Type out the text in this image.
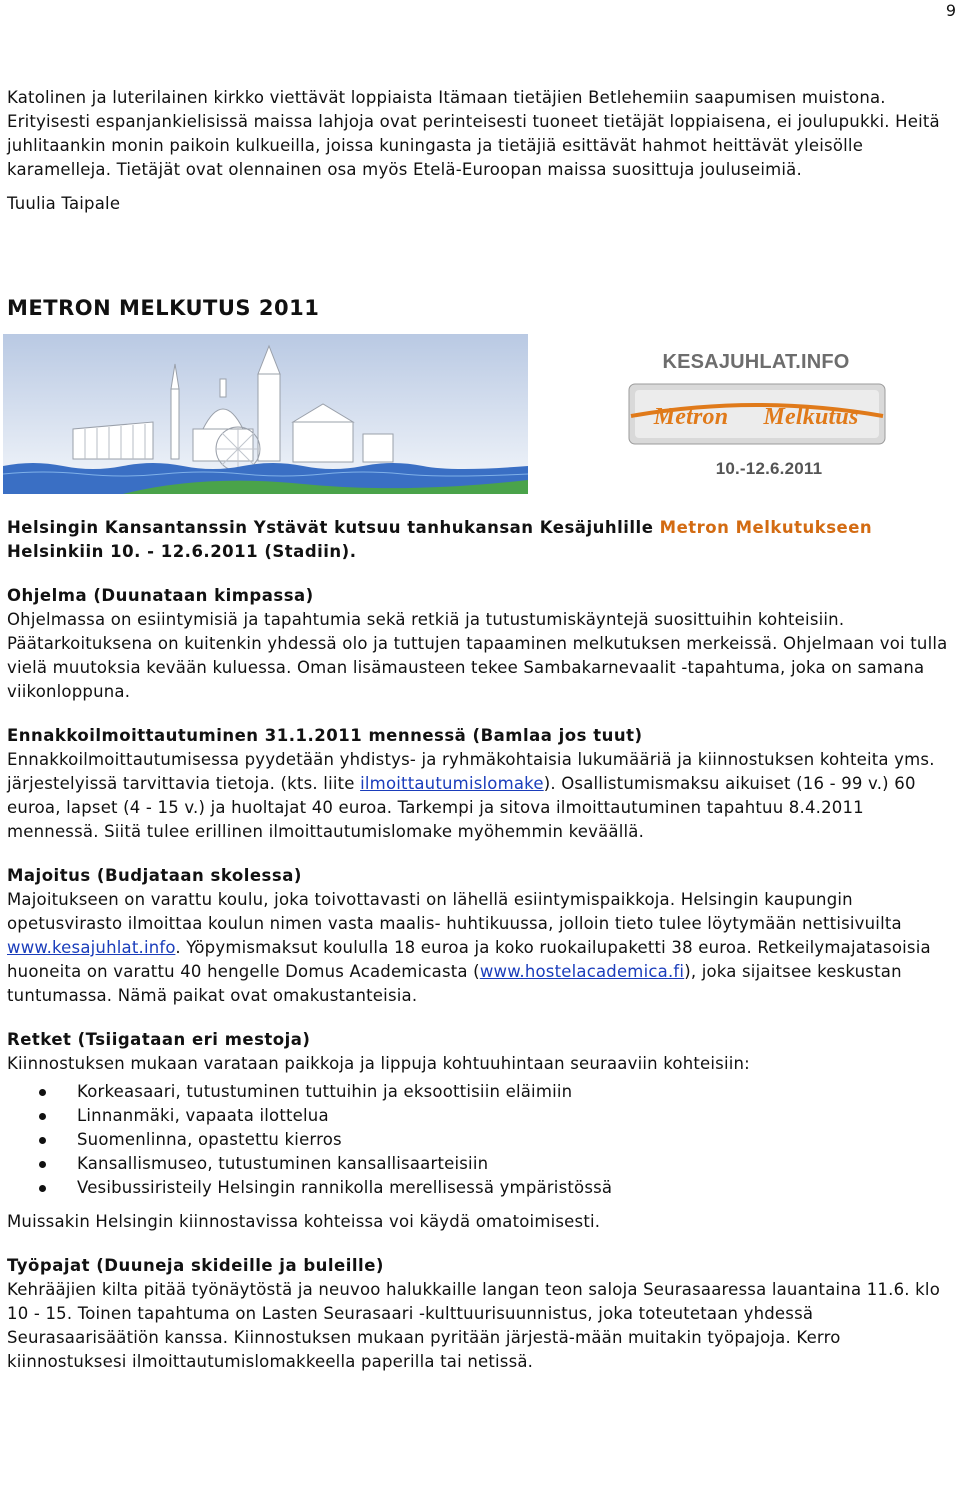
9

Katolinen ja luterilainen kirkko viettävät loppiaista Itämaan tietäjien Betlehemiin saapumisen muistona. Erityisesti espanjankielisissä maissa lahjoja ovat perinteisesti tuoneet tietäjät loppiaisena, ei joulupukki. Heitä juhlitaankin monin paikoin kulkueilla, joissa kuningasta ja tietäjiä esittävät hahmot heittävät yleisölle karamelleja. Tietäjät ovat olennainen osa myös Etelä-Euroopan maissa suosittuja jouluseimiä.

Tuulia Taipale

METRON MELKUTUS 2011

KESAJUHLAT.INFO
Metron Melkutus
10.-12.6.2011

Helsingin Kansantanssin Ystävät kutsuu tanhukansan Kesäjuhlille Metron Melkutukseen Helsinkiin 10. - 12.6.2011 (Stadiin).

Ohjelma (Duunataan kimpassa)

Ohjelmassa on esiintymisiä ja tapahtumia sekä retkiä ja tutustumiskäyntejä suosittuihin kohteisiin. Päätarkoituksena on kuitenkin yhdessä olo ja tuttujen tapaaminen melkutuksen merkeissä. Ohjelmaan voi tulla vielä muutoksia kevään kuluessa. Oman lisämausteen tekee Sambakarnevaalit -tapahtuma, joka on samana viikonloppuna.

Ennakkoilmoittautuminen 31.1.2011 mennessä (Bamlaa jos tuut)

Ennakkoilmoittautumisessa pyydetään yhdistys- ja ryhmäkohtaisia lukumääriä ja kiinnostuksen kohteita yms. järjestelyissä tarvittavia tietoja. (kts. liite ilmoittautumislomake). Osallistumismaksu aikuiset (16 - 99 v.) 60 euroa, lapset (4 - 15 v.) ja huoltajat 40 euroa. Tarkempi ja sitova ilmoittautuminen tapahtuu 8.4.2011 mennessä. Siitä tulee erillinen ilmoittautumislomake myöhemmin keväällä.

Majoitus (Budjataan skolessa)

Majoitukseen on varattu koulu, joka toivottavasti on lähellä esiintymispaikkoja. Helsingin kaupungin opetusvirasto ilmoittaa koulun nimen vasta maalis- huhtikuussa, jolloin tieto tulee löytymään nettisivuilta www.kesajuhlat.info. Yöpymismaksut koululla 18 euroa ja koko ruokailupaketti 38 euroa. Retkeilymajatasoisia huoneita on varattu 40 hengelle Domus Academicasta (www.hostelacademica.fi), joka sijaitsee keskustan tuntumassa. Nämä paikat ovat omakustanteisia.

Retket (Tsiigataan eri mestoja)

Kiinnostuksen mukaan varataan paikkoja ja lippuja kohtuuhintaan seuraaviin kohteisiin:

Korkeasaari, tutustuminen tuttuihin ja eksoottisiin eläimiin
Linnanmäki, vapaata ilottelua
Suomenlinna, opastettu kierros
Kansallismuseo, tutustuminen kansallisaarteisiin
Vesibussiristeily Helsingin rannikolla merellisessä ympäristössä

Muissakin Helsingin kiinnostavissa kohteissa voi käydä omatoimisesti.

Työpajat (Duuneja skideille ja buleille)

Kehrääjien kilta pitää työnäytöstä ja neuvoo halukkaille langan teon saloja Seurasaaressa lauantaina 11.6. klo 10 - 15. Toinen tapahtuma on Lasten Seurasaari -kulttuurisuunnistus, joka toteutetaan yhdessä Seurasaarisäätiön kanssa. Kiinnostuksen mukaan pyritään järjestä-mään muitakin työpajoja. Kerro kiinnostuksesi ilmoittautumislomakkeella paperilla tai netissä.
